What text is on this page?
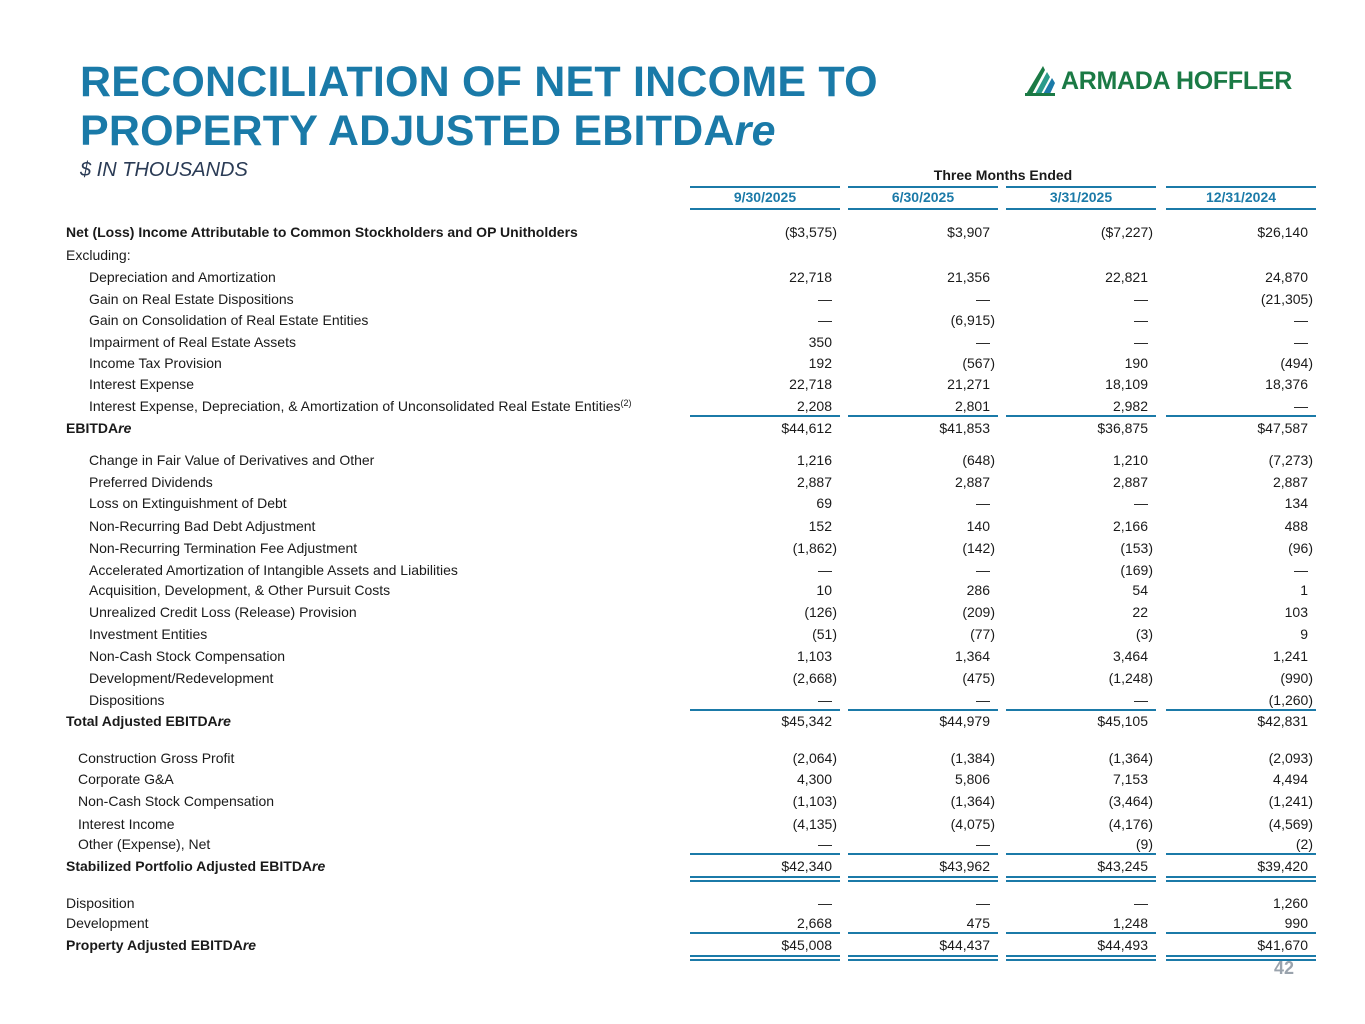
RECONCILIATION OF NET INCOME TO
PROPERTY ADJUSTED EBITDAre
$ IN THOUSANDS
ARMADA HOFFLER
Three Months Ended
9/30/2025	6/30/2025	3/31/2025	12/31/2024
Net (Loss) Income Attributable to Common Stockholders and OP Unitholders	($3,575)	$3,907	($7,227)	$26,140
Excluding:
Depreciation and Amortization	22,718	21,356	22,821	24,870
Gain on Real Estate Dispositions	—	—	—	(21,305)
Gain on Consolidation of Real Estate Entities	—	(6,915)	—	—
Impairment of Real Estate Assets	350	—	—	—
Income Tax Provision	192	(567)	190	(494)
Interest Expense	22,718	21,271	18,109	18,376
Interest Expense, Depreciation, & Amortization of Unconsolidated Real Estate Entities$^{(2)}$	2,208	2,801	2,982	—
EBITDAre	$44,612	$41,853	$36,875	$47,587
Change in Fair Value of Derivatives and Other	1,216	(648)	1,210	(7,273)
Preferred Dividends	2,887	2,887	2,887	2,887
Loss on Extinguishment of Debt	69	—	—	134
Non-Recurring Bad Debt Adjustment	152	140	2,166	488
Non-Recurring Termination Fee Adjustment	(1,862)	(142)	(153)	(96)
Accelerated Amortization of Intangible Assets and Liabilities	—	—	(169)	—
Acquisition, Development, & Other Pursuit Costs	10	286	54	1
Unrealized Credit Loss (Release) Provision	(126)	(209)	22	103
Investment Entities	(51)	(77)	(3)	9
Non-Cash Stock Compensation	1,103	1,364	3,464	1,241
Development/Redevelopment	(2,668)	(475)	(1,248)	(990)
Dispositions	—	—	—	(1,260)
Total Adjusted EBITDAre	$45,342	$44,979	$45,105	$42,831
Construction Gross Profit	(2,064)	(1,384)	(1,364)	(2,093)
Corporate G&A	4,300	5,806	7,153	4,494
Non-Cash Stock Compensation	(1,103)	(1,364)	(3,464)	(1,241)
Interest Income	(4,135)	(4,075)	(4,176)	(4,569)
Other (Expense), Net	—	—	(9)	(2)
Stabilized Portfolio Adjusted EBITDAre	$42,340	$43,962	$43,245	$39,420
Disposition	—	—	—	1,260
Development	2,668	475	1,248	990
Property Adjusted EBITDAre	$45,008	$44,437	$44,493	$41,670
42
